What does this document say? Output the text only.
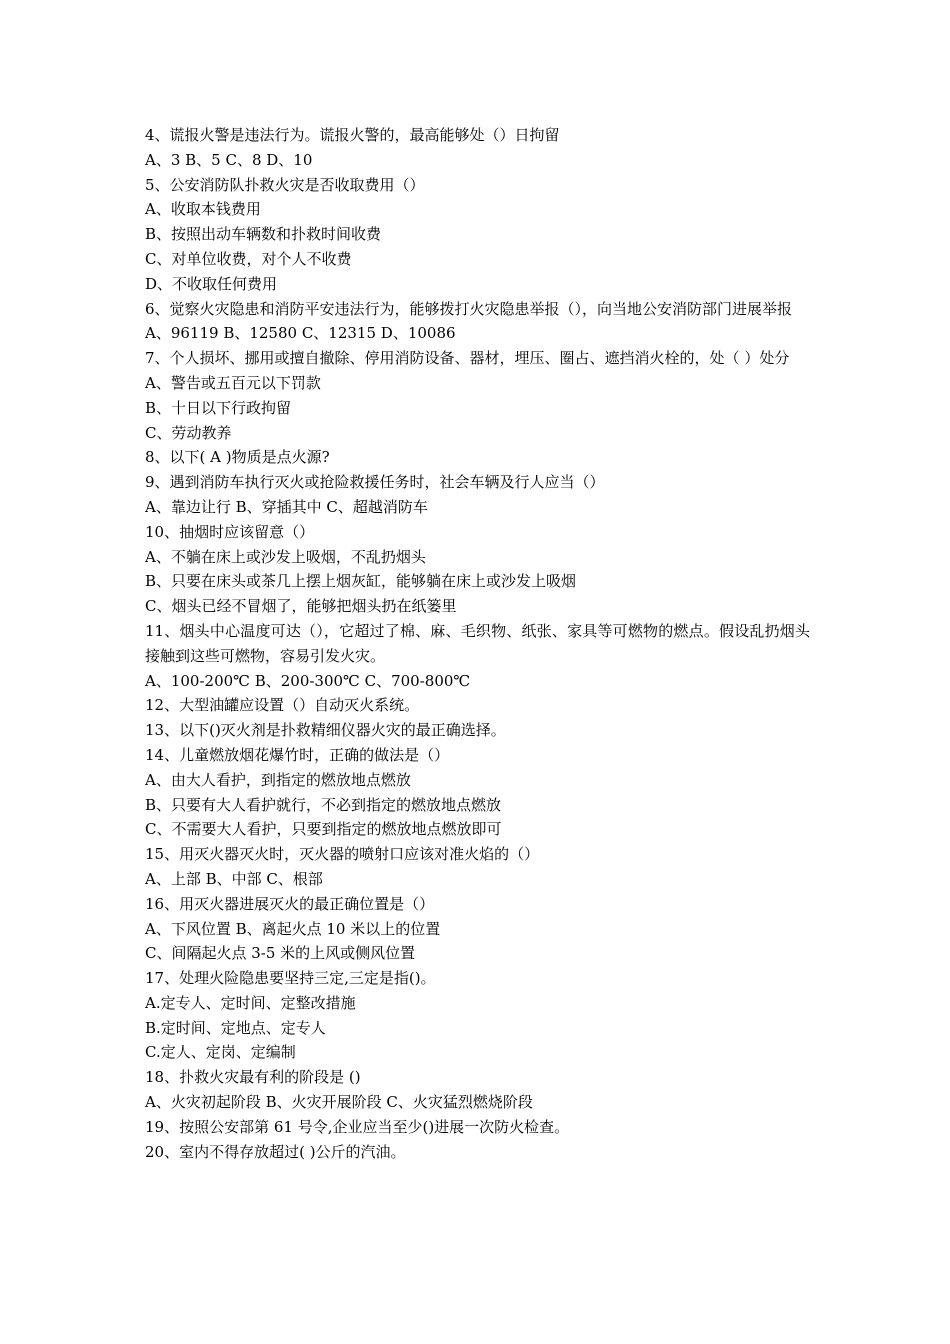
4、谎报火警是违法行为。谎报火警的，最高能够处（）日拘留
A、3 B、5 C、8 D、10
5、公安消防队扑救火灾是否收取费用（）
A、收取本钱费用
B、按照出动车辆数和扑救时间收费
C、对单位收费，对个人不收费
D、不收取任何费用
6、觉察火灾隐患和消防平安违法行为，能够拨打火灾隐患举报（），向当地公安消防部门进展举报
A、96119 B、12580 C、12315 D、10086
7、个人损坏、挪用或擅自撤除、停用消防设备、器材，埋压、圈占、遮挡消火栓的，处（ ）处分
A、警告或五百元以下罚款
B、十日以下行政拘留
C、劳动教养
8、以下( A )物质是点火源?
9、遇到消防车执行灭火或抢险救援任务时，社会车辆及行人应当（）
A、靠边让行 B、穿插其中 C、超越消防车
10、抽烟时应该留意（）
A、不躺在床上或沙发上吸烟，不乱扔烟头
B、只要在床头或茶几上摆上烟灰缸，能够躺在床上或沙发上吸烟
C、烟头已经不冒烟了，能够把烟头扔在纸篓里
11、烟头中心温度可达（），它超过了棉、麻、毛织物、纸张、家具等可燃物的燃点。假设乱扔烟头接触到这些可燃物，容易引发火灾。
A、100-200℃ B、200-300℃ C、700-800℃
12、大型油罐应设置（）自动灭火系统。
13、以下()灭火剂是扑救精细仪器火灾的最正确选择。
14、儿童燃放烟花爆竹时，正确的做法是（）
A、由大人看护，到指定的燃放地点燃放
B、只要有大人看护就行，不必到指定的燃放地点燃放
C、不需要大人看护，只要到指定的燃放地点燃放即可
15、用灭火器灭火时，灭火器的喷射口应该对准火焰的（）
A、上部 B、中部 C、根部
16、用灭火器进展灭火的最正确位置是（）
A、下风位置 B、离起火点 10 米以上的位置
C、间隔起火点 3-5 米的上风或侧风位置
17、处理火险隐患要坚持三定,三定是指()。
A.定专人、定时间、定整改措施
B.定时间、定地点、定专人
C.定人、定岗、定编制
18、扑救火灾最有利的阶段是 ()
A、火灾初起阶段 B、火灾开展阶段 C、火灾猛烈燃烧阶段
19、按照公安部第 61 号令,企业应当至少()进展一次防火检查。
20、室内不得存放超过( )公斤的汽油。
